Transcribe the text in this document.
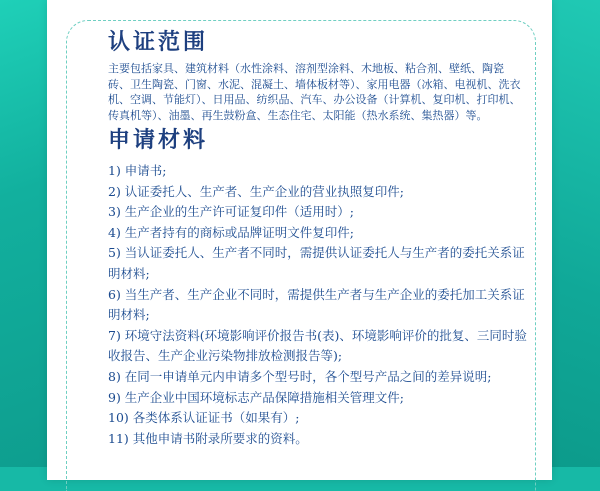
认证范围

主要包括家具、建筑材料（水性涂料、溶剂型涂料、木地板、粘合剂、壁纸、陶瓷砖、卫生陶瓷、门窗、水泥、混凝土、墙体板材等）、家用电器（冰箱、电视机、洗衣机、空调、节能灯）、日用品、纺织品、汽车、办公设备（计算机、复印机、打印机、传真机等）、油墨、再生鼓粉盒、生态住宅、太阳能（热水系统、集热器）等。

申请材料
1) 申请书;
2) 认证委托人、生产者、生产企业的营业执照复印件;
3) 生产企业的生产许可证复印件（适用时）;
4) 生产者持有的商标或品牌证明文件复印件;
5) 当认证委托人、生产者不同时，需提供认证委托人与生产者的委托关系证明材料;
6) 当生产者、生产企业不同时，需提供生产者与生产企业的委托加工关系证明材料;
7) 环境守法资料(环境影响评价报告书(表)、环境影响评价的批复、三同时验收报告、生产企业污染物排放检测报告等);
8) 在同一申请单元内申请多个型号时，各个型号产品之间的差异说明;
9) 生产企业中国环境标志产品保障措施相关管理文件;
10) 各类体系认证证书（如果有）;
11) 其他申请书附录所要求的资料。
